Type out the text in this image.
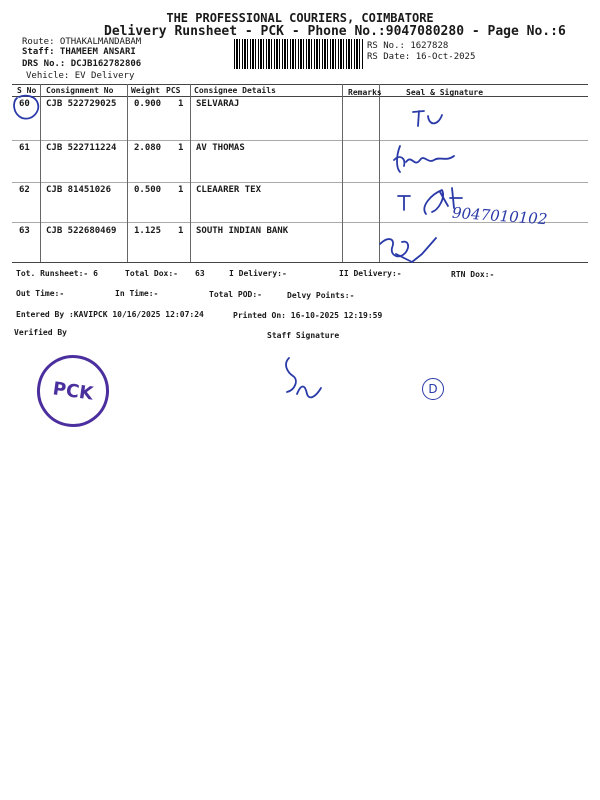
THE PROFESSIONAL COURIERS, COIMBATORE
Delivery Runsheet - PCK - Phone No.:9047080280 - Page No.:6
Route: OTHAKALMANDABAM
Staff: THAMEEM ANSARI
DRS No.: DCJB162782806
Vehicle: EV Delivery
RS No.: 1627828
RS Date: 16-Oct-2025
S No Consignment No Weight PCS Consignee Details	Remarks	Seal & Signature
60 CJB 522729025 0.900 1 SELVARAJ
61 CJB 522711224 2.080 1 AV THOMAS
62 CJB 81451026	0.500 1 CLEAARER TEX
63 CJB 522680469 1.125 1 SOUTH INDIAN BANK
9047010102
Tot. Runsheet:- 6	Total Dox:- 63	I Delivery:-	II Delivery:-	RTN Dox:-
Out Time:-	In Time:-	Total POD:-	Delvy Points:-
Entered By :KAVIPCK 10/16/2025 12:07:24	Printed On: 16-10-2025 12:19:59
Verified By	Staff Signature
PCK	D
